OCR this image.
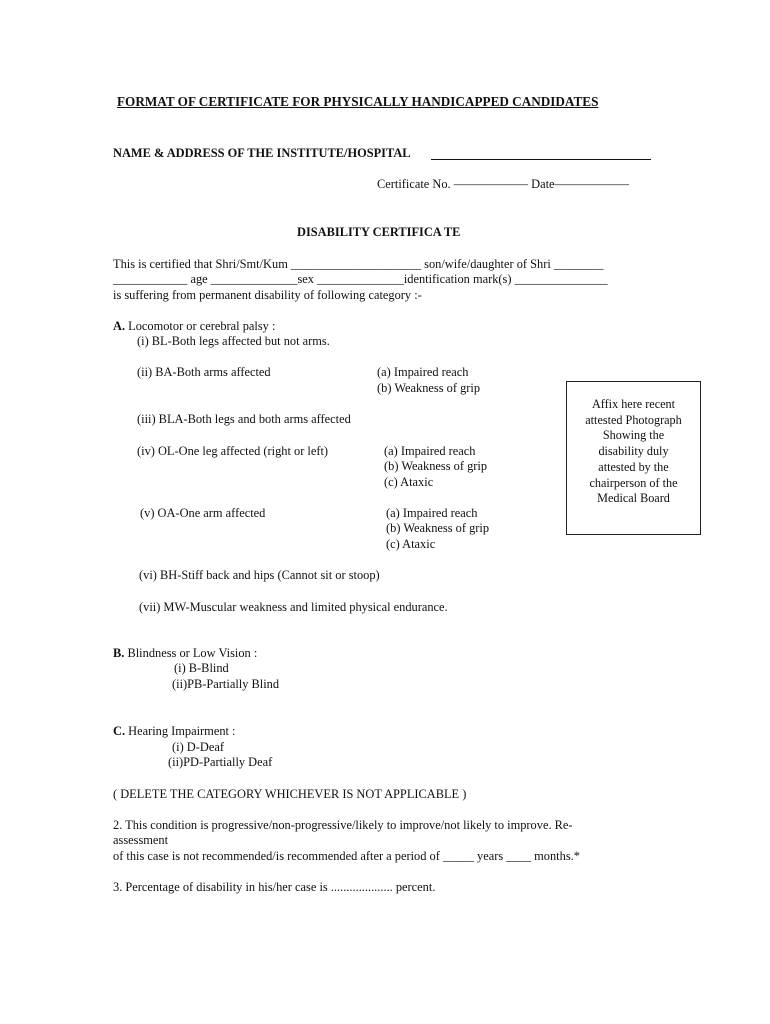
FORMAT OF CERTIFICATE FOR PHYSICALLY HANDICAPPED CANDIDATES
NAME & ADDRESS OF THE INSTITUTE/HOSPITAL
Certificate No. —————— Date——————
DISABILITY CERTIFICA TE
This is certified that Shri/Smt/Kum _____________________ son/wife/daughter of Shri ________
____________ age ______________sex ______________identification mark(s) _______________
is suffering from permanent disability of following category :-
A. Locomotor or cerebral palsy :
(i) BL-Both legs affected but not arms.
(ii) BA-Both arms affected	(a) Impaired reach
(b) Weakness of grip
(iii) BLA-Both legs and both arms affected
(iv) OL-One leg affected (right or left)	(a) Impaired reach
(b) Weakness of grip
(c) Ataxic
(v) OA-One arm affected	(a) Impaired reach
(b) Weakness of grip
(c) Ataxic
(vi) BH-Stiff back and hips (Cannot sit or stoop)
(vii) MW-Muscular weakness and limited physical endurance.
Affix here recent
attested Photograph
Showing the
disability duly
attested by the
chairperson of the
Medical Board
B. Blindness or Low Vision :
(i) B-Blind
(ii)PB-Partially Blind
C. Hearing Impairment :
(i) D-Deaf
(ii)PD-Partially Deaf
( DELETE THE CATEGORY WHICHEVER IS NOT APPLICABLE )
2. This condition is progressive/non-progressive/likely to improve/not likely to improve. Re-
assessment
of this case is not recommended/is recommended after a period of _____ years ____ months.*
3. Percentage of disability in his/her case is .................... percent.
